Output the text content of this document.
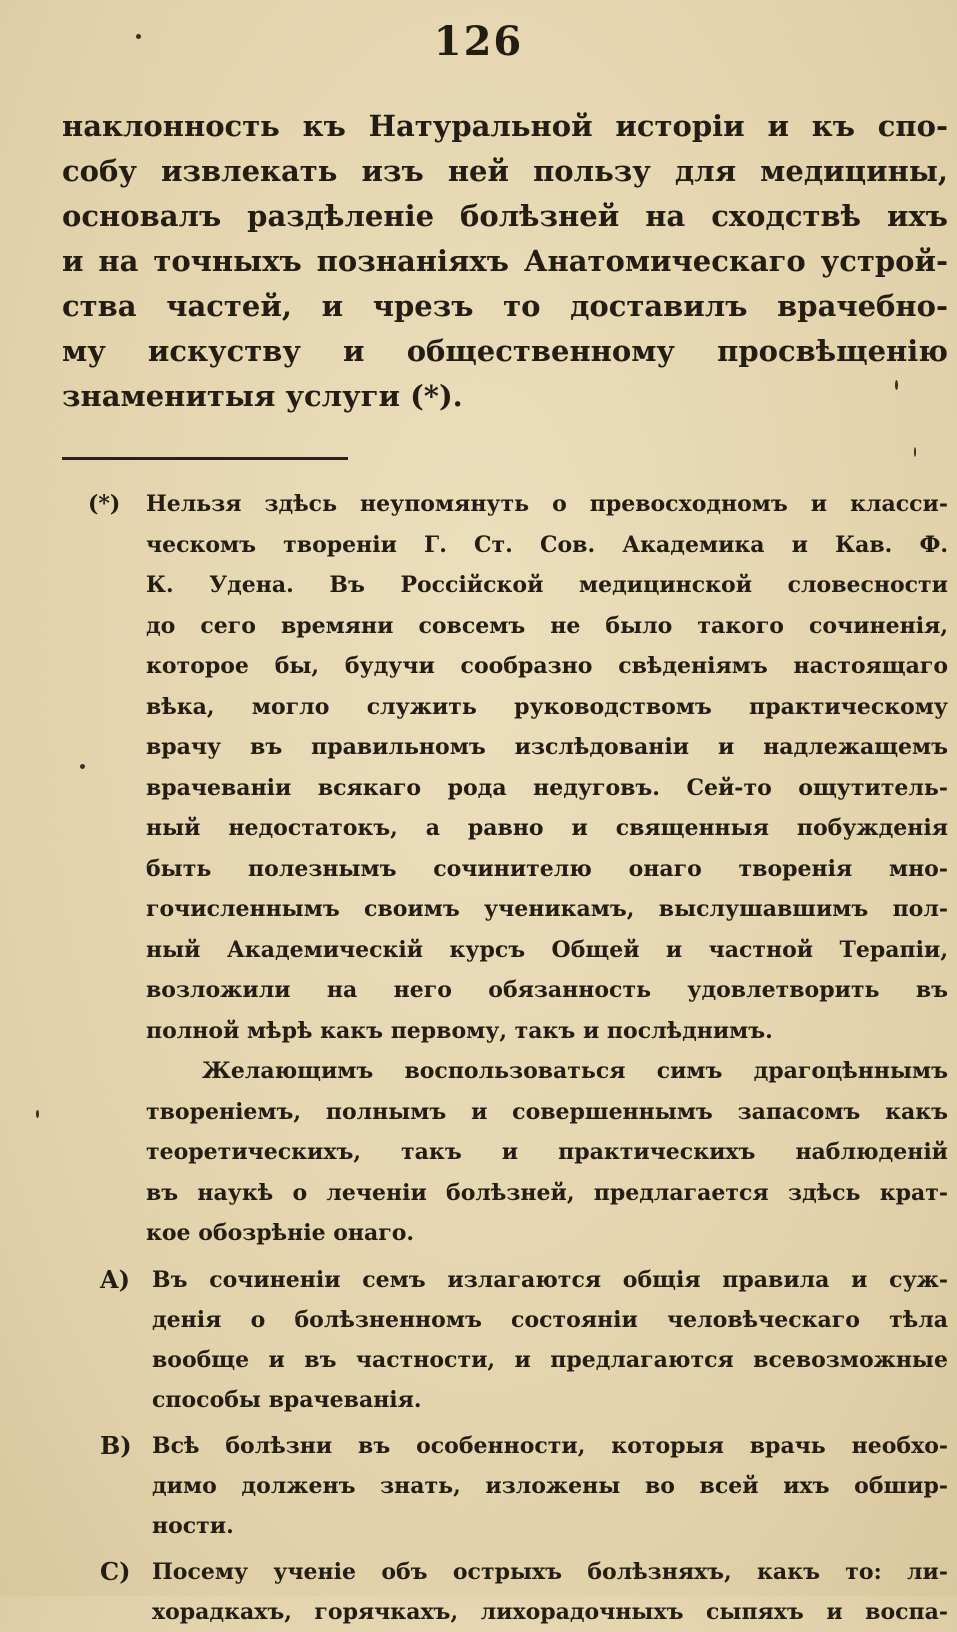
126
наклонность къ Натуральной исторіи и къ спо-
собу извлекать изъ ней пользу для медицины,
основалъ раздѣленіе болѣзней на сходствѣ ихъ
и на точныхъ познаніяхъ Анатомическаго устрой-
ства частей, и чрезъ то доставилъ врачебно-
му искуству и общественному просвѣщенію
знаменитыя услуги (*).
(*)	Нельзя здѣсь неупомянуть о превосходномъ и класси-
ческомъ твореніи Г. Ст. Сов. Академика и Кав. Ф.
К. Удена. Въ Россійской медицинской словесности
до сего времяни совсемъ не было такого сочиненія,
которое бы, будучи сообразно свѣденіямъ настоящаго
вѣка, могло служить руководствомъ практическому
врачу въ правильномъ изслѣдованіи и надлежащемъ
врачеваніи всякаго рода недуговъ. Сей-то ощутитель-
ный недостатокъ, а равно и священныя побужденія
быть полезнымъ сочинителю онаго творенія мно-
гочисленнымъ своимъ ученикамъ, выслушавшимъ пол-
ный Академическій курсъ Общей и частной Терапіи,
возложили на него обязанность удовлетворить въ
полной мѣрѣ какъ первому, такъ и послѣднимъ.
Желающимъ воспользоваться симъ драгоцѣннымъ
твореніемъ, полнымъ и совершеннымъ запасомъ какъ
теоретическихъ, такъ и практическихъ наблюденій
въ наукѣ о леченіи болѣзней, предлагается здѣсь крат-
кое обозрѣніе онаго.
A)	Въ сочиненіи семъ излагаются общія правила и суж-
денія о болѣзненномъ состояніи человѣческаго тѣла
вообще и въ частности, и предлагаются всевозможные
способы врачеванія.
B) Всѣ болѣзни въ особенности, которыя врачь необхо-
димо долженъ знать, изложены во всей ихъ обшир-
ности.
C) Посему ученіе объ острыхъ болѣзняхъ, какъ то: ли-
хорадкахъ, горячкахъ, лихорадочныхъ сыпяхъ и воспа-
